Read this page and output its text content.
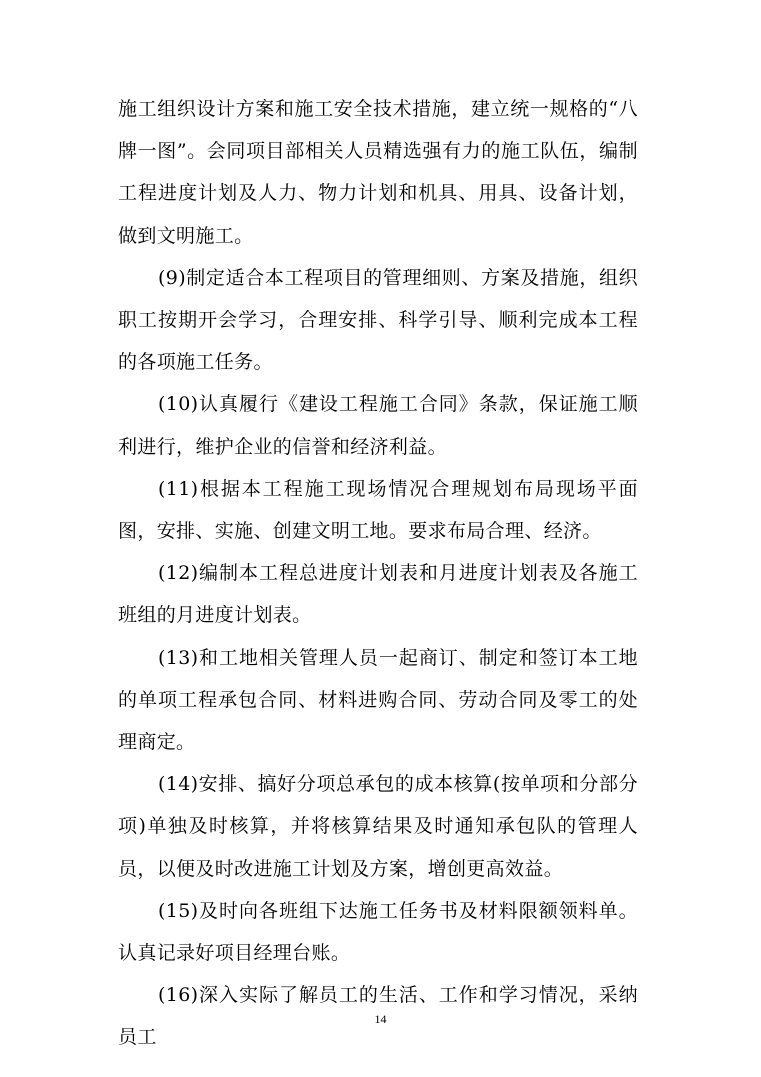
施工组织设计方案和施工安全技术措施，建立统一规格的“八牌一图”。会同项目部相关人员精选强有力的施工队伍，编制工程进度计划及人力、物力计划和机具、用具、设备计划，做到文明施工。

(9)制定适合本工程项目的管理细则、方案及措施，组织职工按期开会学习，合理安排、科学引导、顺利完成本工程的各项施工任务。

(10)认真履行《建设工程施工合同》条款，保证施工顺利进行，维护企业的信誉和经济利益。

(11)根据本工程施工现场情况合理规划布局现场平面图，安排、实施、创建文明工地。要求布局合理、经济。

(12)编制本工程总进度计划表和月进度计划表及各施工班组的月进度计划表。

(13)和工地相关管理人员一起商订、制定和签订本工地的单项工程承包合同、材料进购合同、劳动合同及零工的处理商定。

(14)安排、搞好分项总承包的成本核算(按单项和分部分项)单独及时核算，并将核算结果及时通知承包队的管理人员，以便及时改进施工计划及方案，增创更高效益。

(15)及时向各班组下达施工任务书及材料限额领料单。认真记录好项目经理台账。

(16)深入实际了解员工的生活、工作和学习情况，采纳员工

14
